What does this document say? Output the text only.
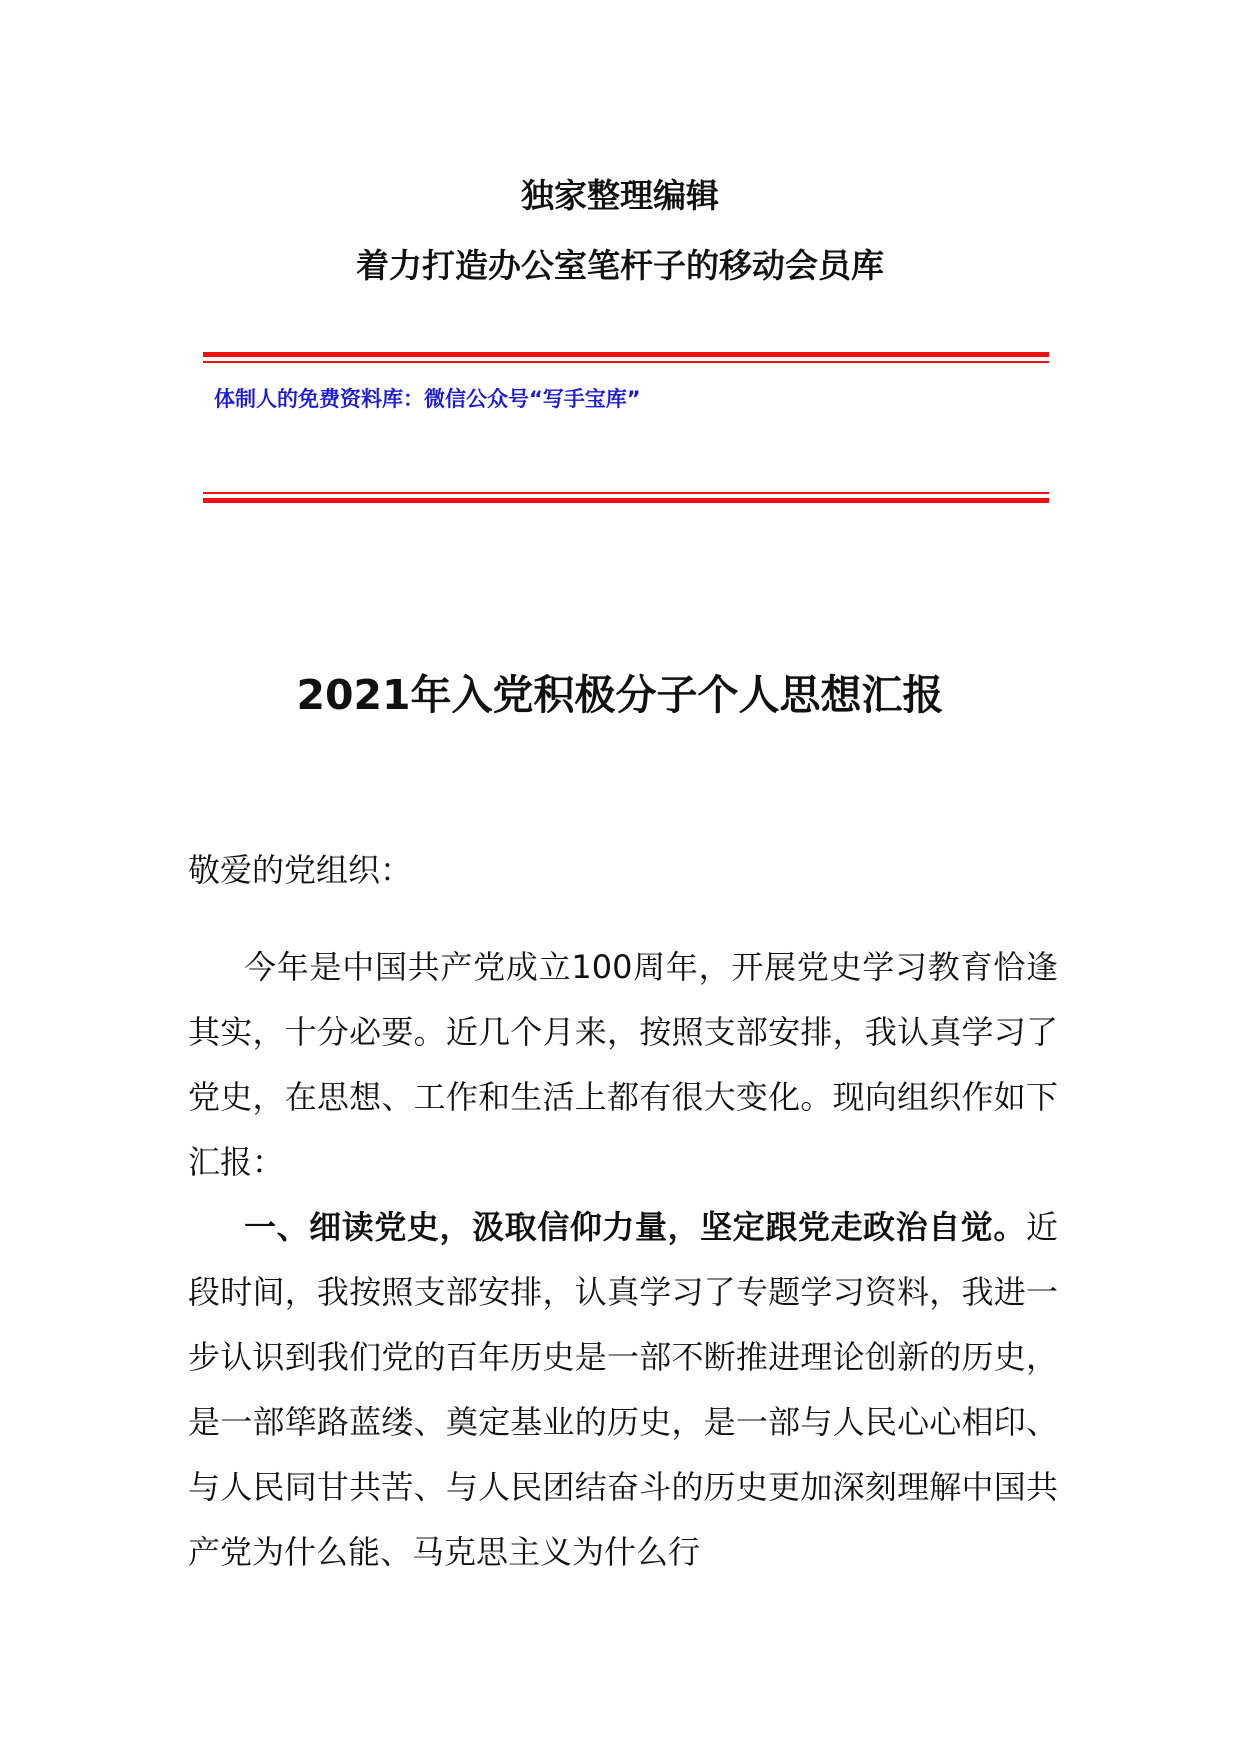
独家整理编辑
着力打造办公室笔杆子的移动会员库
体制人的免费资料库：微信公众号“写手宝库”
2021年入党积极分子个人思想汇报
敬爱的党组织：
今年是中国共产党成立100周年，开展党史学习教育恰逢其实，十分必要。近几个月来，按照支部安排，我认真学习了党史，在思想、工作和生活上都有很大变化。现向组织作如下汇报：
一、细读党史，汲取信仰力量，坚定跟党走政治自觉。近段时间，我按照支部安排，认真学习了专题学习资料，我进一步认识到我们党的百年历史是一部不断推进理论创新的历史，是一部筚路蓝缕、奠定基业的历史，是一部与人民心心相印、与人民同甘共苦、与人民团结奋斗的历史更加深刻理解中国共产党为什么能、马克思主义为什么行
